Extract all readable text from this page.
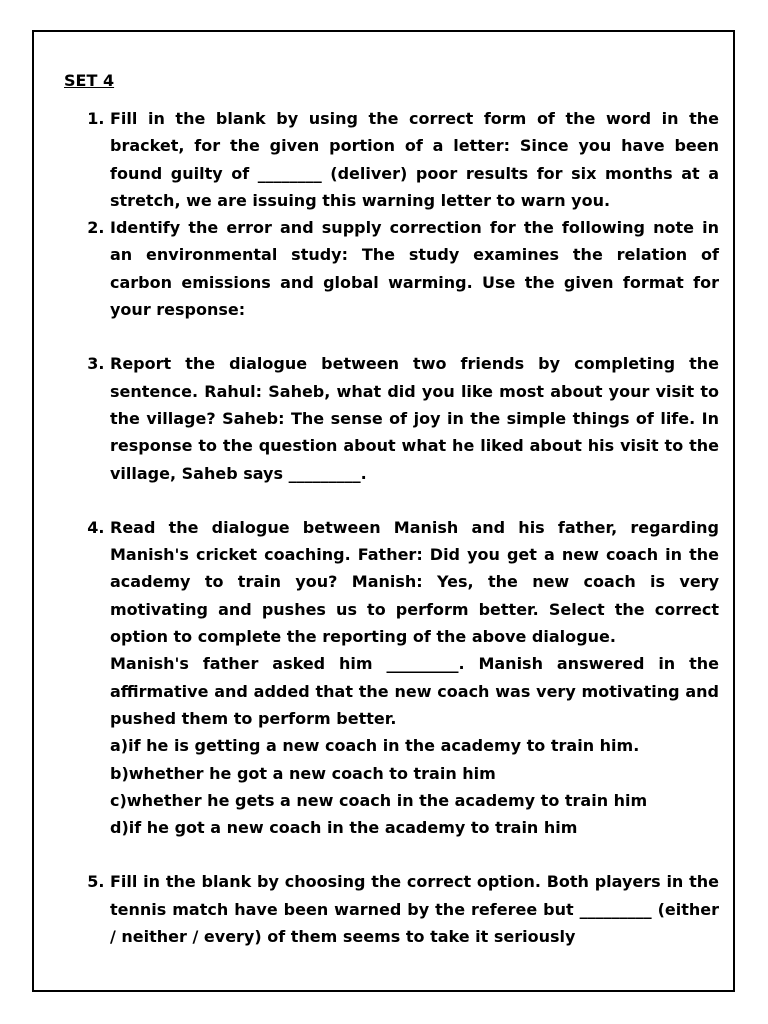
SET 4
1. Fill in the blank by using the correct form of the word in the bracket, for the given portion of a letter: Since you have been found guilty of ________ (deliver) poor results for six months at a stretch, we are issuing this warning letter to warn you.
2. Identify the error and supply correction for the following note in an environmental study: The study examines the relation of carbon emissions and global warming. Use the given format for your response:
3. Report the dialogue between two friends by completing the sentence. Rahul: Saheb, what did you like most about your visit to the village? Saheb: The sense of joy in the simple things of life. In response to the question about what he liked about his visit to the village, Saheb says _________.
4. Read the dialogue between Manish and his father, regarding Manish's cricket coaching. Father: Did you get a new coach in the academy to train you? Manish: Yes, the new coach is very motivating and pushes us to perform better. Select the correct option to complete the reporting of the above dialogue.
Manish's father asked him _________. Manish answered in the affirmative and added that the new coach was very motivating and pushed them to perform better.
a)if he is getting a new coach in the academy to train him.
b)whether he got a new coach to train him
c)whether he gets a new coach in the academy to train him
d)if he got a new coach in the academy to train him
5. Fill in the blank by choosing the correct option. Both players in the tennis match have been warned by the referee but _________ (either / neither / every) of them seems to take it seriously
